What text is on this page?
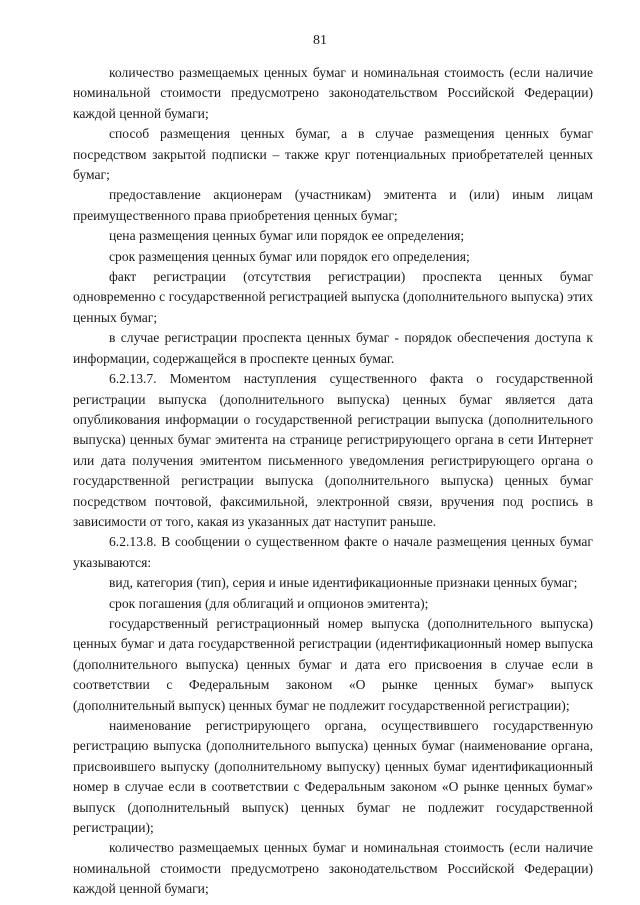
81

количество размещаемых ценных бумаг и номинальная стоимость (если наличие номинальной стоимости предусмотрено законодательством Российской Федерации) каждой ценной бумаги;

способ размещения ценных бумаг, а в случае размещения ценных бумаг посредством закрытой подписки – также круг потенциальных приобретателей ценных бумаг;

предоставление акционерам (участникам) эмитента и (или) иным лицам преимущественного права приобретения ценных бумаг;

цена размещения ценных бумаг или порядок ее определения;

срок размещения ценных бумаг или порядок его определения;

факт регистрации (отсутствия регистрации) проспекта ценных бумаг одновременно с государственной регистрацией выпуска (дополнительного выпуска) этих ценных бумаг;

в случае регистрации проспекта ценных бумаг - порядок обеспечения доступа к информации, содержащейся в проспекте ценных бумаг.

6.2.13.7. Моментом наступления существенного факта о государственной регистрации выпуска (дополнительного выпуска) ценных бумаг является дата опубликования информации о государственной регистрации выпуска (дополнительного выпуска) ценных бумаг эмитента на странице регистрирующего органа в сети Интернет или дата получения эмитентом письменного уведомления регистрирующего органа о государственной регистрации выпуска (дополнительного выпуска) ценных бумаг посредством почтовой, факсимильной, электронной связи, вручения под роспись в зависимости от того, какая из указанных дат наступит раньше.

6.2.13.8. В сообщении о существенном факте о начале размещения ценных бумаг указываются:

вид, категория (тип), серия и иные идентификационные признаки ценных бумаг;

срок погашения (для облигаций и опционов эмитента);

государственный регистрационный номер выпуска (дополнительного выпуска) ценных бумаг и дата государственной регистрации (идентификационный номер выпуска (дополнительного выпуска) ценных бумаг и дата его присвоения в случае если в соответствии с Федеральным законом «О рынке ценных бумаг» выпуск (дополнительный выпуск) ценных бумаг не подлежит государственной регистрации);

наименование регистрирующего органа, осуществившего государственную регистрацию выпуска (дополнительного выпуска) ценных бумаг (наименование органа, присвоившего выпуску (дополнительному выпуску) ценных бумаг идентификационный номер в случае если в соответствии с Федеральным законом «О рынке ценных бумаг» выпуск (дополнительный выпуск) ценных бумаг не подлежит государственной регистрации);

количество размещаемых ценных бумаг и номинальная стоимость (если наличие номинальной стоимости предусмотрено законодательством Российской Федерации) каждой ценной бумаги;
